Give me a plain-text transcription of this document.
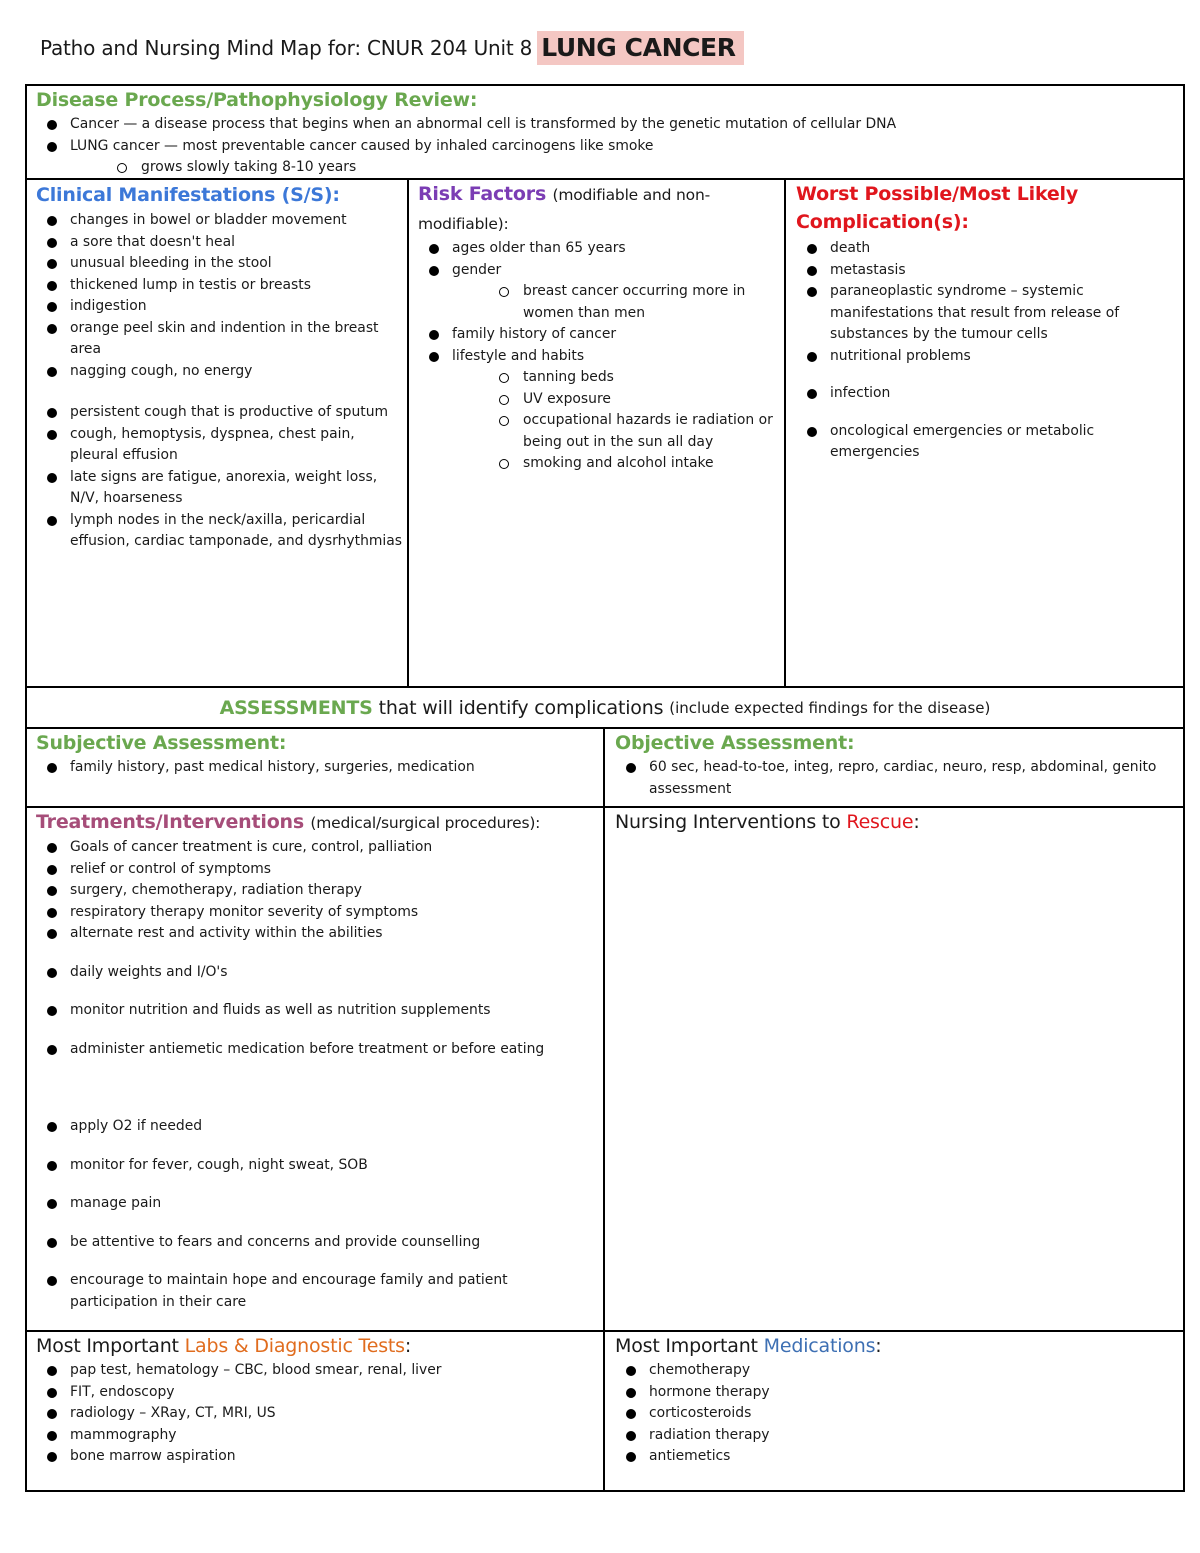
Patho and Nursing Mind Map for: CNUR 204 Unit 8 LUNG CANCER
Disease Process/Pathophysiology Review:
Cancer — a disease process that begins when an abnormal cell is transformed by the genetic mutation of cellular DNA
LUNG cancer — most preventable cancer caused by inhaled carcinogens like smoke
grows slowly taking 8-10 years
Clinical Manifestations (S/S):
changes in bowel or bladder movement
a sore that doesn't heal
unusual bleeding in the stool
thickened lump in testis or breasts
indigestion
orange peel skin and indention in the breast area
nagging cough, no energy
persistent cough that is productive of sputum
cough, hemoptysis, dyspnea, chest pain, pleural effusion
late signs are fatigue, anorexia, weight loss, N/V, hoarseness
lymph nodes in the neck/axilla, pericardial effusion, cardiac tamponade, and dysrhythmias
Risk Factors (modifiable and non-modifiable):
ages older than 65 years
gender
breast cancer occurring more in women than men
family history of cancer
lifestyle and habits
tanning beds
UV exposure
occupational hazards ie radiation or being out in the sun all day
smoking and alcohol intake
Worst Possible/Most Likely Complication(s):
death
metastasis
paraneoplastic syndrome – systemic manifestations that result from release of substances by the tumour cells
nutritional problems
infection
oncological emergencies or metabolic emergencies
ASSESSMENTS that will identify complications (include expected findings for the disease)
Subjective Assessment:
family history, past medical history, surgeries, medication
Objective Assessment:
60 sec, head-to-toe, integ, repro, cardiac, neuro, resp, abdominal, genito assessment
Treatments/Interventions (medical/surgical procedures):
Goals of cancer treatment is cure, control, palliation
relief or control of symptoms
surgery, chemotherapy, radiation therapy
respiratory therapy monitor severity of symptoms
alternate rest and activity within the abilities
daily weights and I/O's
monitor nutrition and fluids as well as nutrition supplements
administer antiemetic medication before treatment or before eating
apply O2 if needed
monitor for fever, cough, night sweat, SOB
manage pain
be attentive to fears and concerns and provide counselling
encourage to maintain hope and encourage family and patient participation in their care
Nursing Interventions to Rescue:
Most Important Labs & Diagnostic Tests:
pap test, hematology – CBC, blood smear, renal, liver
FIT, endoscopy
radiology – XRay, CT, MRI, US
mammography
bone marrow aspiration
Most Important Medications:
chemotherapy
hormone therapy
corticosteroids
radiation therapy
antiemetics
